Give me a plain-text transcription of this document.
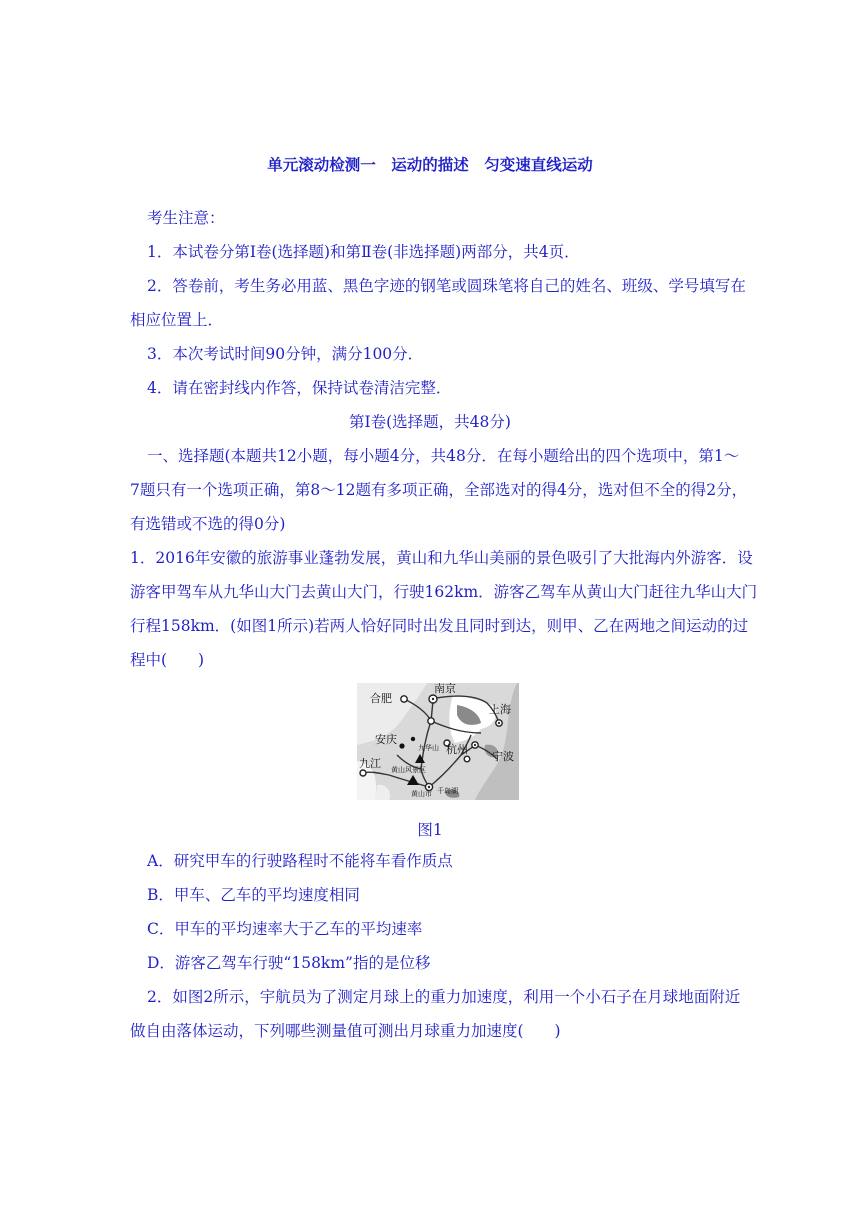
单元滚动检测一　运动的描述　匀变速直线运动
考生注意：
1．本试卷分第Ⅰ卷(选择题)和第Ⅱ卷(非选择题)两部分，共4页．
2．答卷前，考生务必用蓝、黑色字迹的钢笔或圆珠笔将自己的姓名、班级、学号填写在
相应位置上．
3．本次考试时间90分钟，满分100分．
4．请在密封线内作答，保持试卷清洁完整．
第Ⅰ卷(选择题，共48分)
一、选择题(本题共12小题，每小题4分，共48分．在每小题给出的四个选项中，第1～
7题只有一个选项正确，第8～12题有多项正确，全部选对的得4分，选对但不全的得2分，
有选错或不选的得0分)
1．2016年安徽的旅游事业蓬勃发展，黄山和九华山美丽的景色吸引了大批海内外游客．设
游客甲驾车从九华山大门去黄山大门，行驶162km．游客乙驾车从黄山大门赶往九华山大门
行程158km．(如图1所示)若两人恰好同时出发且同时到达，则甲、乙在两地之间运动的过
程中(　　)
合肥
南京
上海
安庆
九华山 杭州
宁波
九江 黄山风景区
黄山市 千岛湖
图1
A．研究甲车的行驶路程时不能将车看作质点
B．甲车、乙车的平均速度相同
C．甲车的平均速率大于乙车的平均速率
D．游客乙驾车行驶“158km”指的是位移
2．如图2所示，宇航员为了测定月球上的重力加速度，利用一个小石子在月球地面附近
做自由落体运动，下列哪些测量值可测出月球重力加速度(　　)
